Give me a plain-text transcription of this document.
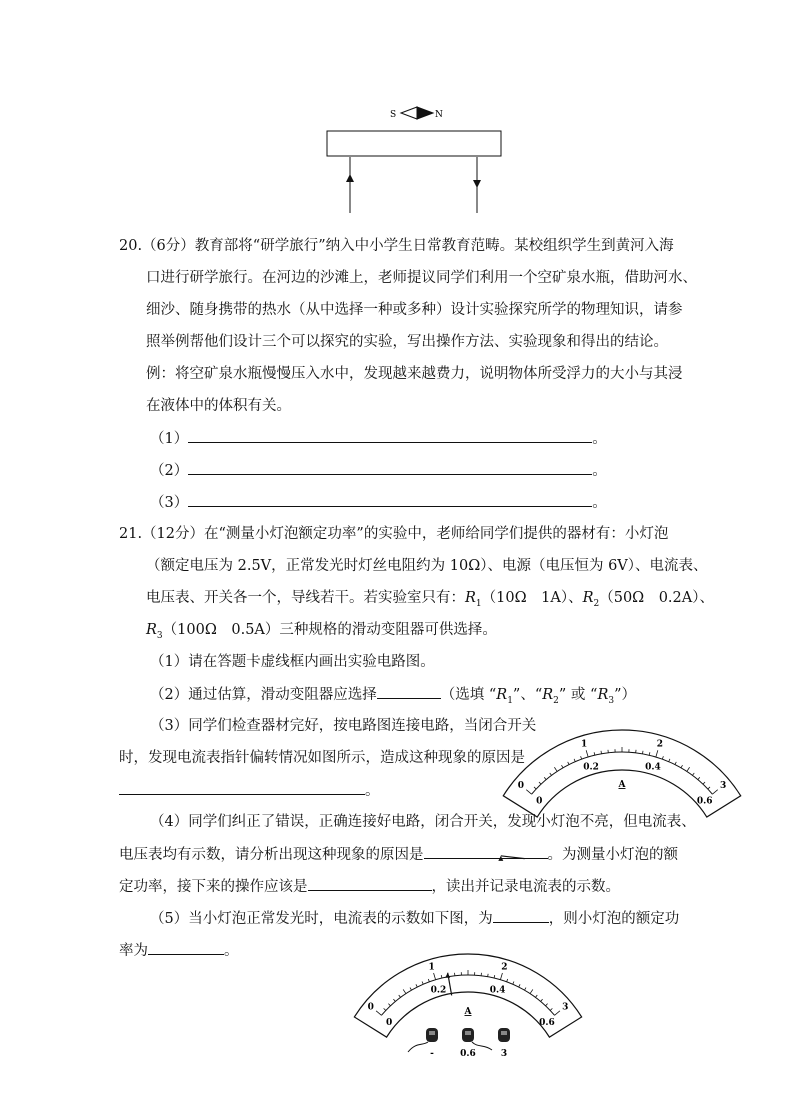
S	N
20.（6分）教育部将“研学旅行”纳入中小学生日常教育范畴。某校组织学生到黄河入海
口进行研学旅行。在河边的沙滩上，老师提议同学们利用一个空矿泉水瓶，借助河水、
细沙、随身携带的热水（从中选择一种或多种）设计实验探究所学的物理知识，请参
照举例帮他们设计三个可以探究的实验，写出操作方法、实验现象和得出的结论。
例：将空矿泉水瓶慢慢压入水中，发现越来越费力，说明物体所受浮力的大小与其浸
在液体中的体积有关。
（1）	。
（2）	。
（3）	。
21.（12分）在“测量小灯泡额定功率”的实验中，老师给同学们提供的器材有：小灯泡
（额定电压为 2.5V，正常发光时灯丝电阻约为 10Ω）、电源（电压恒为 6V）、电流表、
电压表、开关各一个，导线若干。若实验室只有：$R_1(10\Omega$　1A）、$R_2(50\Omega$　0.2A）、
$R_3(100\Omega$　0.5A）三种规格的滑动变阻器可供选择。
（1）请在答题卡虚线框内画出实验电路图。
（2）通过估算，滑动变阻器应选择	（选填 “$R_1$”、“$R_2$” 或 “$R_3$”）
（3）同学们检查器材完好，按电路图连接电路，当闭合开关
时，发现电流表指针偏转情况如图所示，造成这种现象的原因是
。	0
1	2
3
0
0.2	0.4
0.6
A
（4）同学们纠正了错误，正确连接好电路，闭合开关，发现小灯泡不亮，但电流表、
电压表均有示数，请分析出现这种现象的原因是	。为测量小灯泡的额
定功率，接下来的操作应该是	，读出并记录电流表的示数。
（5）当小灯泡正常发光时，电流表的示数如下图，为	，则小灯泡的额定功
率为	。
0
1	2
3
0
0.2	0.4
0.6
A
-	0.6	3
